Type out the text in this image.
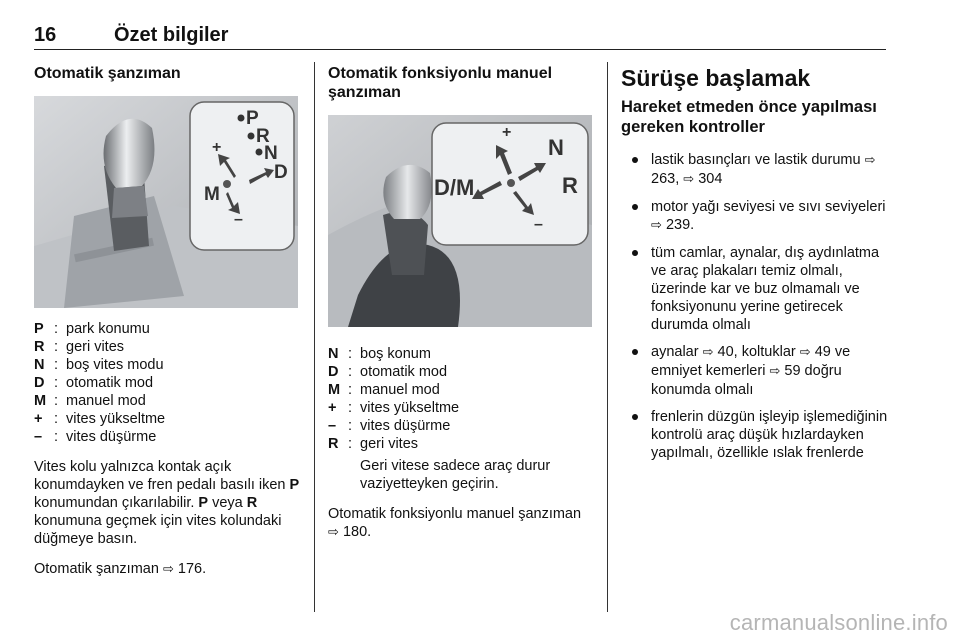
16	Özet bilgiler
Otomatik şanzıman
+
–
P
R
N
D
M
P : park konumu
R : geri vites
N : boş vites modu
D : otomatik mod
M : manuel mod
+ : vites yükseltme
– : vites düşürme

Vites kolu yalnızca kontak açık konumdayken ve fren pedalı basılı iken P konumundan çıkarılabilir. P veya R konumuna geçmek için vites kolundaki düğmeye basın.

Otomatik şanzıman ⇨ 176.

Otomatik fonksiyonlu manuel şanzıman
+
–
N
D/M	R
N : boş konum
D : otomatik mod
M : manuel mod
+ : vites yükseltme
– : vites düşürme
R : geri vites
Geri vitese sadece araç durur vaziyetteyken geçirin.

Otomatik fonksiyonlu manuel şanzıman ⇨ 180.

Sürüşe başlamak
Hareket etmeden önce yapılması gereken kontroller
lastik basınçları ve lastik durumu ⇨ 263, ⇨ 304
motor yağı seviyesi ve sıvı seviyeleri ⇨ 239.
tüm camlar, aynalar, dış aydınlatma ve araç plakaları temiz olmalı, üzerinde kar ve buz olmamalı ve fonksiyonunu yerine getirecek durumda olmalı
aynalar ⇨ 40, koltuklar ⇨ 49 ve emniyet kemerleri ⇨ 59 doğru konumda olmalı
frenlerin düzgün işleyip işlemediğinin kontrolü araç düşük hızlardayken yapılmalı, özellikle ıslak frenlerde
carmanualsonline.info
